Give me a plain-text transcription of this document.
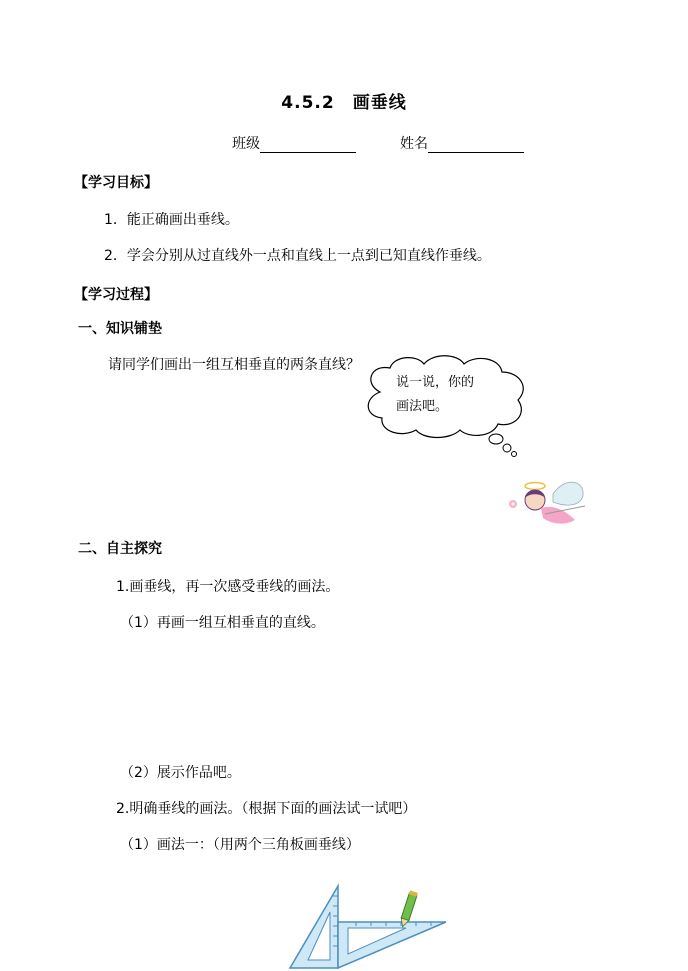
4.5.2　画垂线
班级	姓名
【学习目标】
1．能正确画出垂线。
2．学会分别从过直线外一点和直线上一点到已知直线作垂线。
【学习过程】
一、知识铺垫
请同学们画出一组互相垂直的两条直线？
说一说，你的
画法吧。
二、自主探究
1.画垂线，再一次感受垂线的画法。
（1）再画一组互相垂直的直线。
（2）展示作品吧。
2.明确垂线的画法。（根据下面的画法试一试吧）
（1）画法一：（用两个三角板画垂线）
